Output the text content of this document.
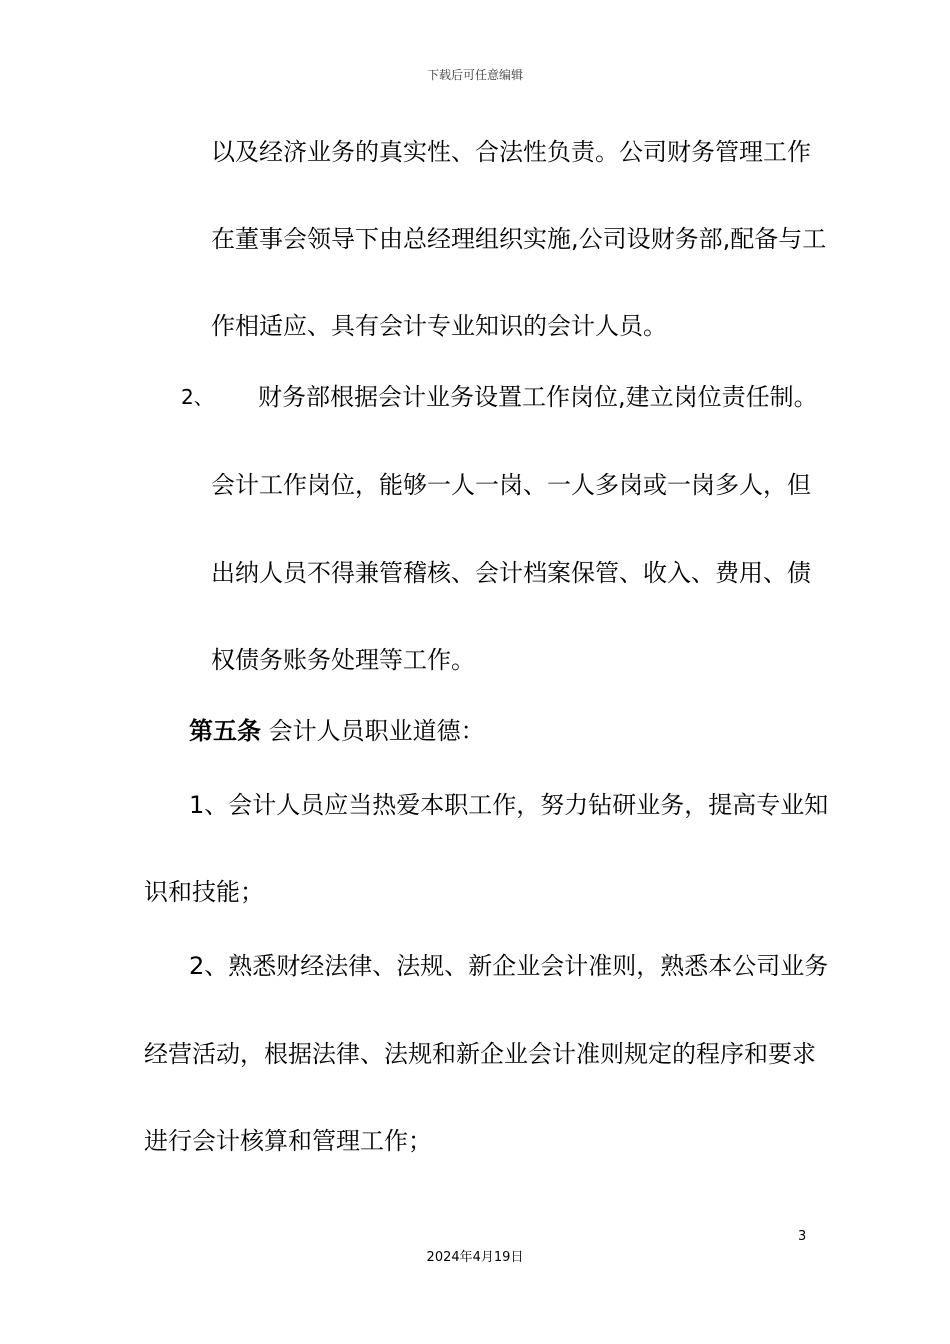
下载后可任意编辑
以及经济业务的真实性、合法性负责。公司财务管理工作
在董事会领导下由总经理组织实施,公司设财务部,配备与工
作相适应、具有会计专业知识的会计人员。
2、 财务部根据会计业务设置工作岗位,建立岗位责任制。
会计工作岗位，能够一人一岗、一人多岗或一岗多人，但
出纳人员不得兼管稽核、会计档案保管、收入、费用、债
权债务账务处理等工作。
第五条 会计人员职业道德：
1、会计人员应当热爱本职工作，努力钻研业务，提高专业知
识和技能；
2、熟悉财经法律、法规、新企业会计准则，熟悉本公司业务
经营活动，根据法律、法规和新企业会计准则规定的程序和要求
进行会计核算和管理工作；
3
2024年4月19日
